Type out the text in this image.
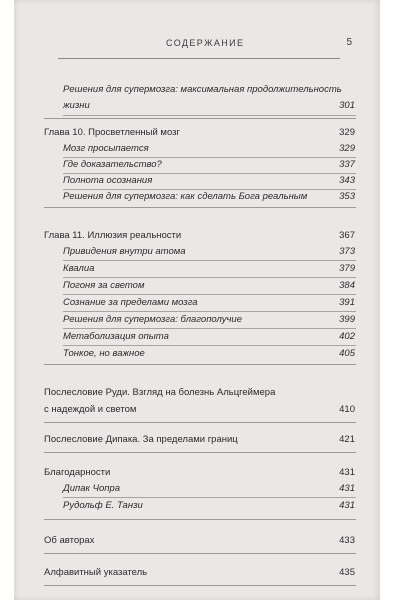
СОДЕРЖАНИЕ	5
Решения для супермозга: максимальная продолжительность
жизни	301
Глава 10. Просветленный мозг	329
Мозг просыпается	329
Где доказательство?	337
Полнота осознания	343
Решения для супермозга: как сделать Бога реальным	353
Глава 11. Иллюзия реальности	367
Привидения внутри атома	373
Квалиа	379
Погоня за светом	384
Сознание за пределами мозга	391
Решения для супермозга: благополучие	399
Метаболизация опыта	402
Тонкое, но важное	405
Послесловие Руди. Взгляд на болезнь Альцгеймера
с надеждой и светом	410
Послесловие Дипака. За пределами границ	421
Благодарности	431
Дипак Чопра	431
Рудольф Е. Танзи	431
Об авторах	433
Алфавитный указатель	435
